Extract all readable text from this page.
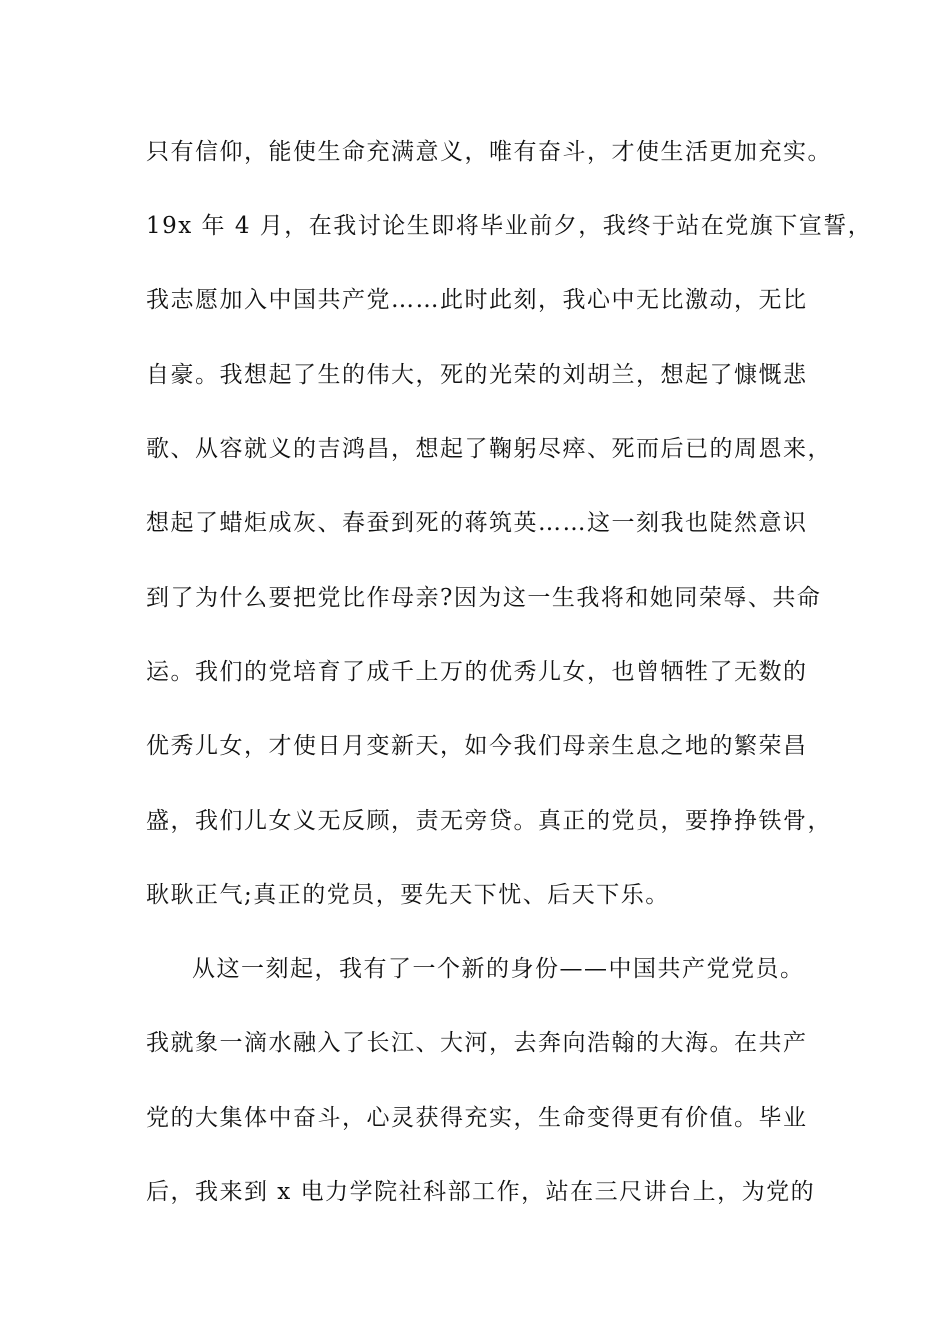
只有信仰，能使生命充满意义，唯有奋斗，才使生活更加充实。
19x 年 4 月，在我讨论生即将毕业前夕，我终于站在党旗下宣誓，
我志愿加入中国共产党……此时此刻，我心中无比激动，无比
自豪。我想起了生的伟大，死的光荣的刘胡兰，想起了慷慨悲
歌、从容就义的吉鸿昌，想起了鞠躬尽瘁、死而后已的周恩来，
想起了蜡炬成灰、春蚕到死的蒋筑英……这一刻我也陡然意识
到了为什么要把党比作母亲?因为这一生我将和她同荣辱、共命
运。我们的党培育了成千上万的优秀儿女，也曾牺牲了无数的
优秀儿女，才使日月变新天，如今我们母亲生息之地的繁荣昌
盛，我们儿女义无反顾，责无旁贷。真正的党员，要挣挣铁骨，
耿耿正气;真正的党员，要先天下忧、后天下乐。
从这一刻起，我有了一个新的身份——中国共产党党员。
我就象一滴水融入了长江、大河，去奔向浩翰的大海。在共产
党的大集体中奋斗，心灵获得充实，生命变得更有价值。毕业
后，我来到 x 电力学院社科部工作，站在三尺讲台上，为党的
